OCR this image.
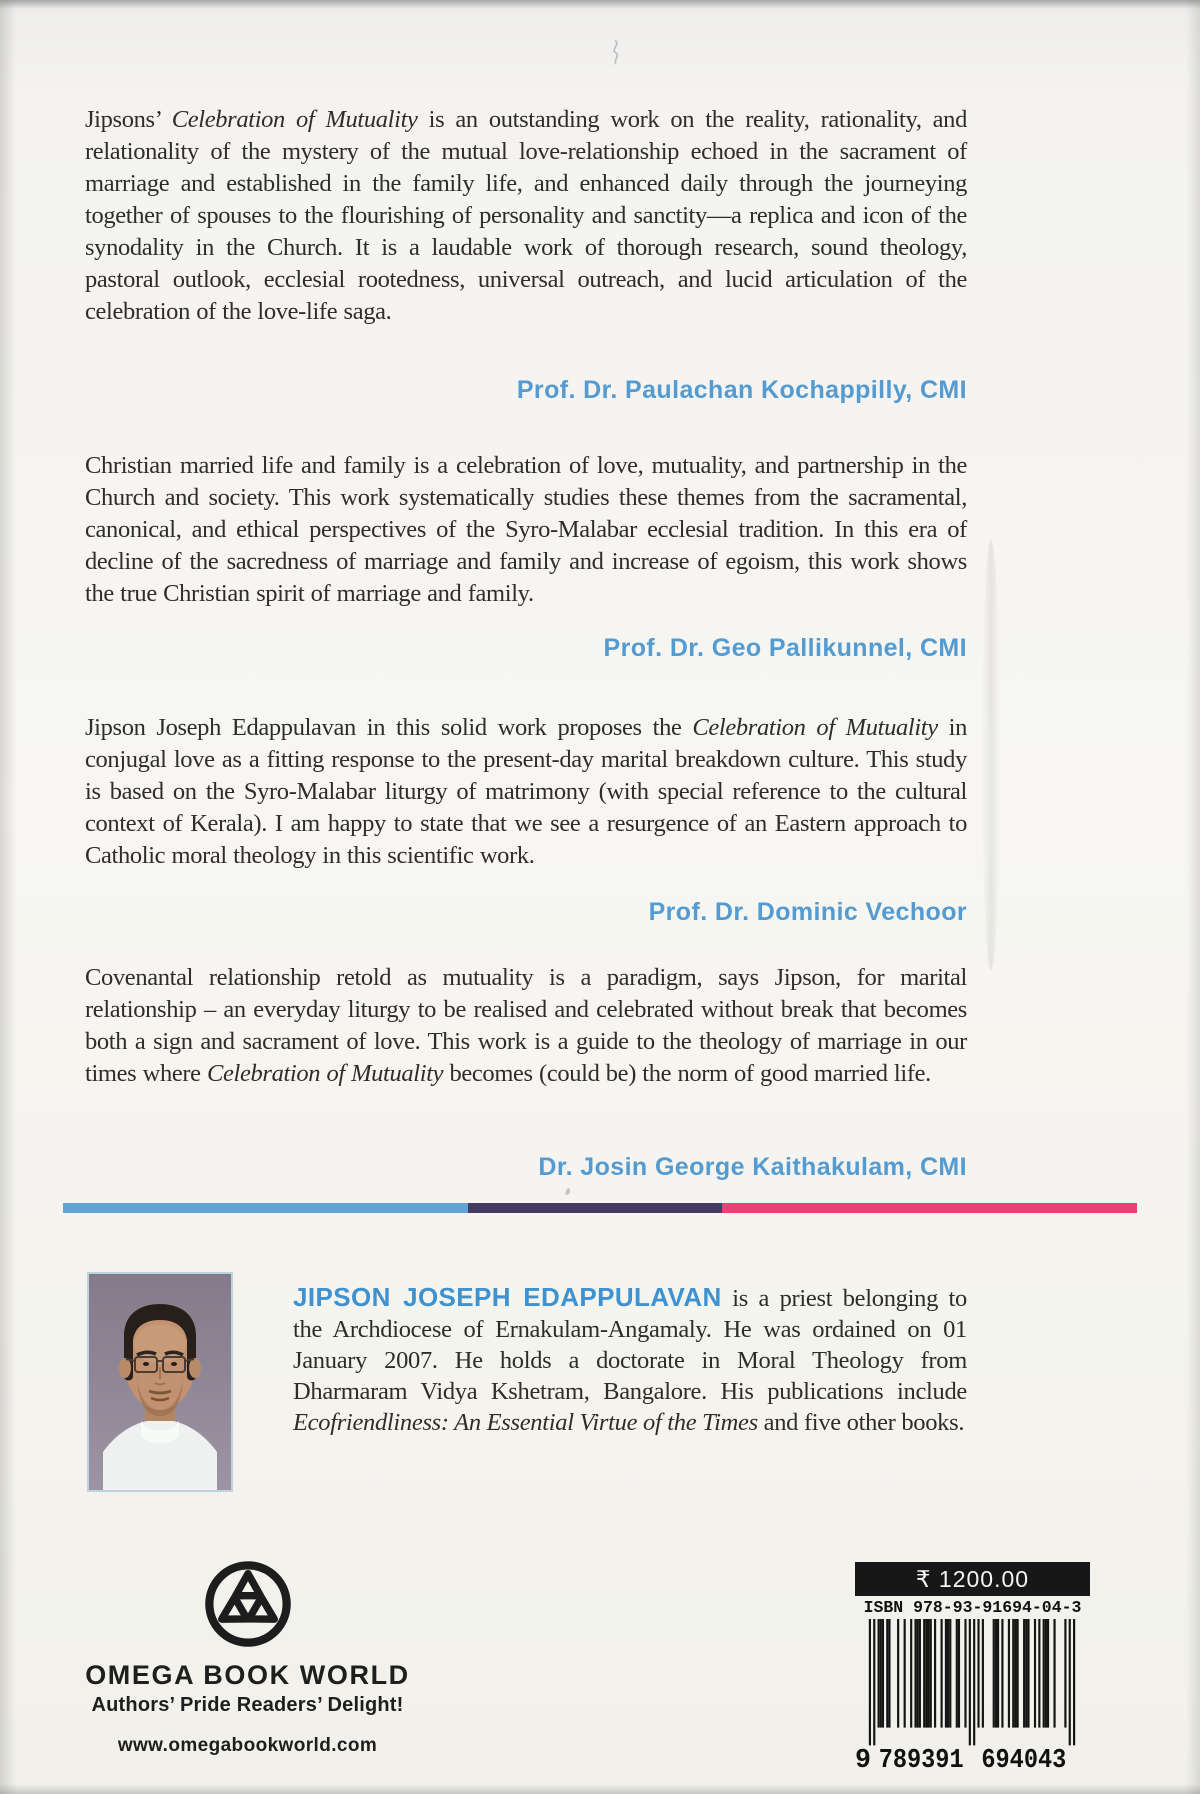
Jipsons’ Celebration of Mutuality is an outstanding work on the reality, rationality, and relationality of the mystery of the mutual love-relationship echoed in the sacrament of marriage and established in the family life, and enhanced daily through the journeying together of spouses to the flourishing of personality and sanctity—a replica and icon of the synodality in the Church. It is a laudable work of thorough research, sound theology, pastoral outlook, ecclesial rootedness, universal outreach, and lucid articulation of the celebration of the love-life saga.

Prof. Dr. Paulachan Kochappilly, CMI

Christian married life and family is a celebration of love, mutuality, and partnership in the Church and society. This work systematically studies these themes from the sacramental, canonical, and ethical perspectives of the Syro-Malabar ecclesial tradition. In this era of decline of the sacredness of marriage and family and increase of egoism, this work shows the true Christian spirit of marriage and family.

Prof. Dr. Geo Pallikunnel, CMI

Jipson Joseph Edappulavan in this solid work proposes the Celebration of Mutuality in conjugal love as a fitting response to the present-day marital breakdown culture. This study is based on the Syro-Malabar liturgy of matrimony (with special reference to the cultural context of Kerala). I am happy to state that we see a resurgence of an Eastern approach to Catholic moral theology in this scientific work.

Prof. Dr. Dominic Vechoor

Covenantal relationship retold as mutuality is a paradigm, says Jipson, for marital relationship – an everyday liturgy to be realised and celebrated without break that becomes both a sign and sacrament of love. This work is a guide to the theology of marriage in our times where Celebration of Mutuality becomes (could be) the norm of good married life.

Dr. Josin George Kaithakulam, CMI

JIPSON JOSEPH EDAPPULAVAN is a priest belonging to the Archdiocese of Ernakulam-Angamaly. He was ordained on 01 January 2007. He holds a doctorate in Moral Theology from Dharmaram Vidya Kshetram, Bangalore. His publications include Ecofriendliness: An Essential Virtue of the Times and five other books.

OMEGA BOOK WORLD
Authors’ Pride Readers’ Delight!
www.omegabookworld.com
₹ 1200.00
ISBN 978-93-91694-04-3
9 789391 694043
